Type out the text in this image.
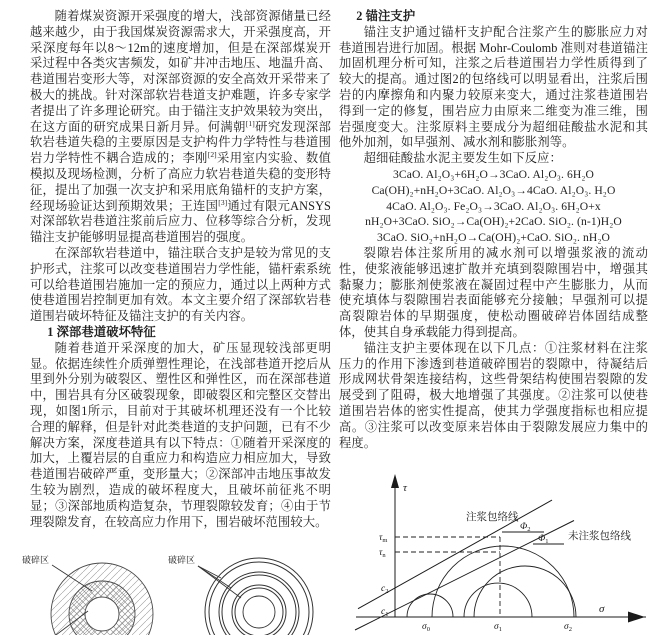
随着煤炭资源开采强度的增大，浅部资源储量已经越来越少，由于我国煤炭资源需求大，开采强度高，开采深度每年以8～12m的速度增加，但是在深部煤炭开采过程中各类灾害频发，如矿井冲击地压、地温升高、巷道围岩变形大等，对深部资源的安全高效开采带来了极大的挑战。针对深部软岩巷道支护难题，许多专家学者提出了许多理论研究。由于锚注支护效果较为突出，在这方面的研究成果日新月异。何满朝[1]研究发现深部软岩巷道失稳的主要原因是支护构件力学特性与巷道围岩力学特性不耦合造成的；李刚[2]采用室内实验、数值模拟及现场检测，分析了高应力软岩巷道失稳的变形特征，提出了加强一次支护和采用底角锚杆的支护方案，经现场验证达到预期效果；王连国[3]通过有限元ANSYS对深部软岩巷道注浆前后应力、位移等综合分析，发现锚注支护能够明显提高巷道围岩的强度。

在深部软岩巷道中，锚注联合支护是较为常见的支护形式，注浆可以改变巷道围岩力学性能，锚杆索系统可以给巷道围岩施加一定的预应力，通过以上两种方式使巷道围岩控制更加有效。本文主要介绍了深部软岩巷道围岩破坏特征及锚注支护的有关内容。

1 深部巷道破坏特征

随着巷道开采深度的加大，矿压显现较浅部更明显。依据连续性介质弹塑性理论，在浅部巷道开挖后从里到外分别为破裂区、塑性区和弹性区，而在深部巷道中，围岩具有分区破裂现象，即破裂区和完整区交替出现，如图1所示，目前对于其破坏机理还没有一个比较合理的解释，但是针对此类巷道的支护问题，已有不少解决方案，深度巷道具有以下特点：①随着开采深度的加大，上覆岩层的自重应力和构造应力相应加大，导致巷道围岩破碎严重，变形量大；②深部冲击地压事故发生较为剧烈，造成的破坏程度大，且破坏前征兆不明显；③深部地质构造复杂，节理裂隙较发育；④由于节理裂隙发育，在较高应力作用下，围岩破坏范围较大。

破碎区	破碎区

2 锚注支护

锚注支护通过锚杆支护配合注浆产生的膨胀应力对巷道围岩进行加固。根据 Mohr-Coulomb 准则对巷道锚注加固机理分析可知，注浆之后巷道围岩力学性质得到了较大的提高。通过图2的包络线可以明显看出，注浆后围岩的内摩擦角和内聚力较原来变大，通过注浆巷道围岩得到一定的修复，围岩应力由原来二维变为准三维，围岩强度变大。注浆原料主要成分为超细硅酸盐水泥和其他外加剂，如早强剂、减水剂和膨胀剂等。

超细硅酸盐水泥主要发生如下反应：

3CaO. Al₂O₃+6H₂O→3CaO. Al₂O₃. 6H₂O
Ca(OH)₂+nH₂O+3CaO. Al₂O₃→4CaO. Al₂O₃. H₂O
4CaO. Al₂O₃. Fe₂O₃→3CaO. Al₂O₃. 6H₂O+x
nH₂O+3CaO. SiO₂→Ca(OH)₂+2CaO. SiO₂. (n-1)H₂O
3CaO. SiO₂+nH₂O→Ca(OH)₂+CaO. SiO₂. nH₂O

裂隙岩体注浆所用的减水剂可以增强浆液的流动性，使浆液能够迅速扩散并充填到裂隙围岩中，增强其黏聚力；膨胀剂使浆液在凝固过程中产生膨胀力，从而使充填体与裂隙围岩表面能够充分接触；早强剂可以提高裂隙岩体的早期强度，使松动圈破碎岩体固结成整体，使其自身承载能力得到提高。

锚注支护主要体现在以下几点：①注浆材料在注浆压力的作用下渗透到巷道破碎围岩的裂隙中，待凝结后形成网状骨架连接结构，这些骨架结构使围岩裂隙的发展受到了阻碍，极大地增强了其强度。②注浆可以使巷道围岩岩体的密实性提高，使其力学强度指标也相应提高。③注浆可以改变原来岩体由于裂隙发展应力集中的程度。

τ
σ
注浆包络线
未注浆包络线
Φ2
Φ1
τm
τn
c2
c1
σ0	σ1	σ2
